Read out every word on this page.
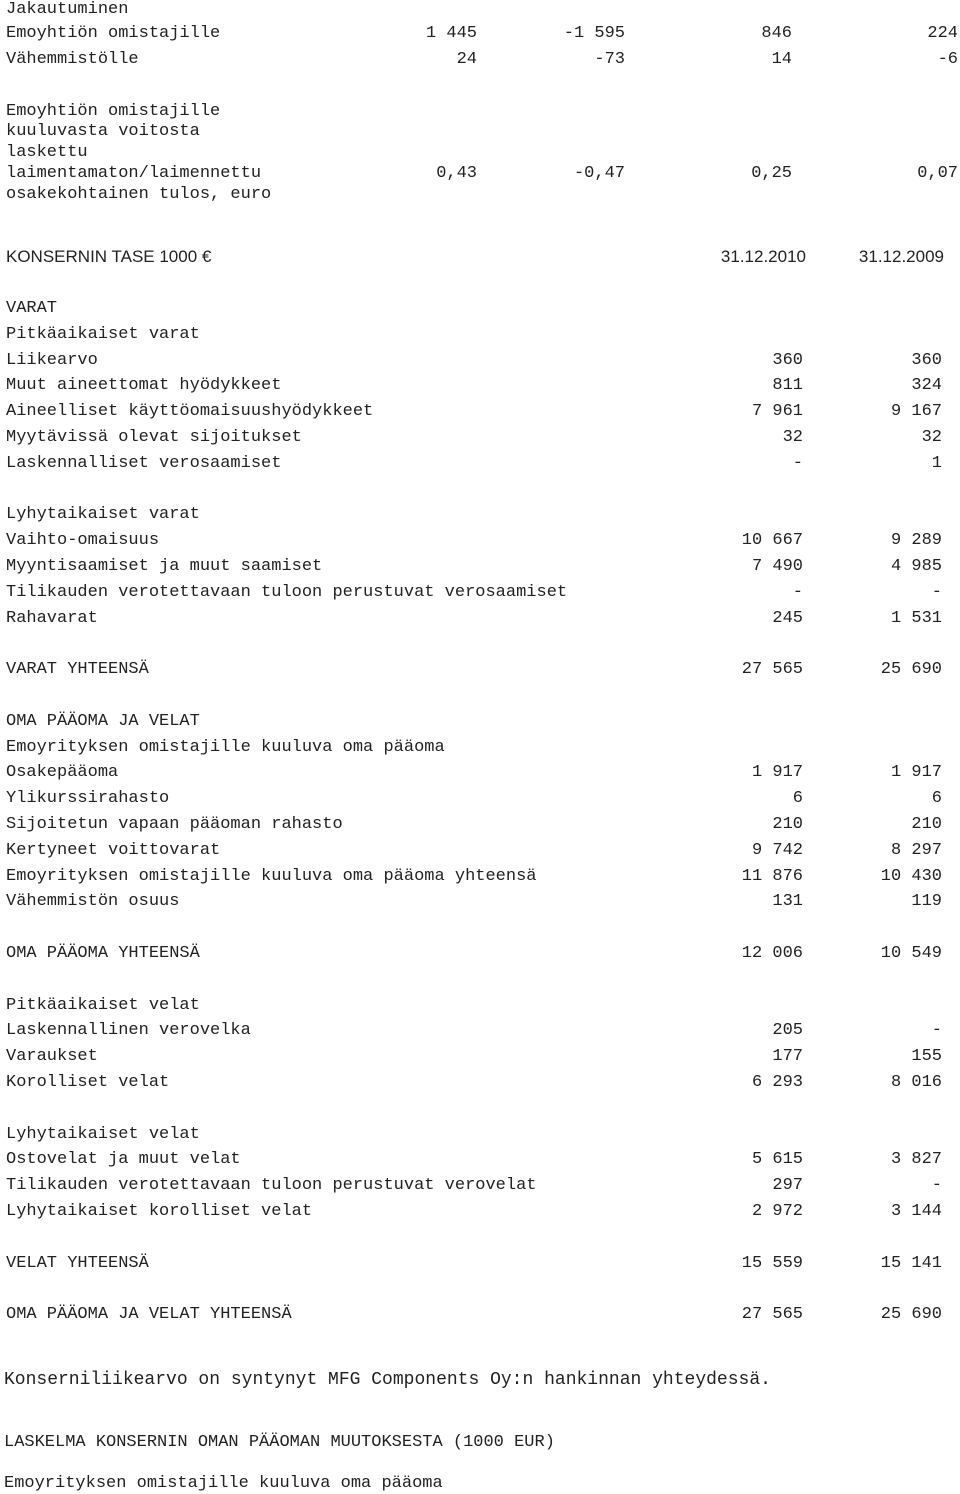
Jakautuminen
Emoyhtiön omistajille	1 445	-1 595	846	224
Vähemmistölle	24	-73	14	-6
Emoyhtiön omistajille
kuuluvasta voitosta
laskettu
laimentamaton/laimennettu
osakekohtainen tulos, euro
0,43	-0,47	0,25	0,07
KONSERNIN TASE 1000 €	31.12.2010	31.12.2009
VARAT
Pitkäaikaiset varat
Liikearvo	360	360
Muut aineettomat hyödykkeet	811	324
Aineelliset käyttöomaisuushyödykkeet	7 961	9 167
Myytävissä olevat sijoitukset	32	32
Laskennalliset verosaamiset	-	1
Lyhytaikaiset varat
Vaihto-omaisuus	10 667	9 289
Myyntisaamiset ja muut saamiset	7 490	4 985
Tilikauden verotettavaan tuloon perustuvat verosaamiset	-	-
Rahavarat	245	1 531
VARAT YHTEENSÄ	27 565	25 690
OMA PÄÄOMA JA VELAT
Emoyrityksen omistajille kuuluva oma pääoma
Osakepääoma	1 917	1 917
Ylikurssirahasto	6	6
Sijoitetun vapaan pääoman rahasto	210	210
Kertyneet voittovarat	9 742	8 297
Emoyrityksen omistajille kuuluva oma pääoma yhteensä	11 876	10 430
Vähemmistön osuus	131	119
OMA PÄÄOMA YHTEENSÄ	12 006	10 549
Pitkäaikaiset velat
Laskennallinen verovelka	205	-
Varaukset	177	155
Korolliset velat	6 293	8 016
Lyhytaikaiset velat
Ostovelat ja muut velat	5 615	3 827
Tilikauden verotettavaan tuloon perustuvat verovelat	297	-
Lyhytaikaiset korolliset velat	2 972	3 144
VELAT YHTEENSÄ	15 559	15 141
OMA PÄÄOMA JA VELAT YHTEENSÄ	27 565	25 690
Konserniliikearvo on syntynyt MFG Components Oy:n hankinnan yhteydessä.
LASKELMA KONSERNIN OMAN PÄÄOMAN MUUTOKSESTA (1000 EUR)
Emoyrityksen omistajille kuuluva oma pääoma
